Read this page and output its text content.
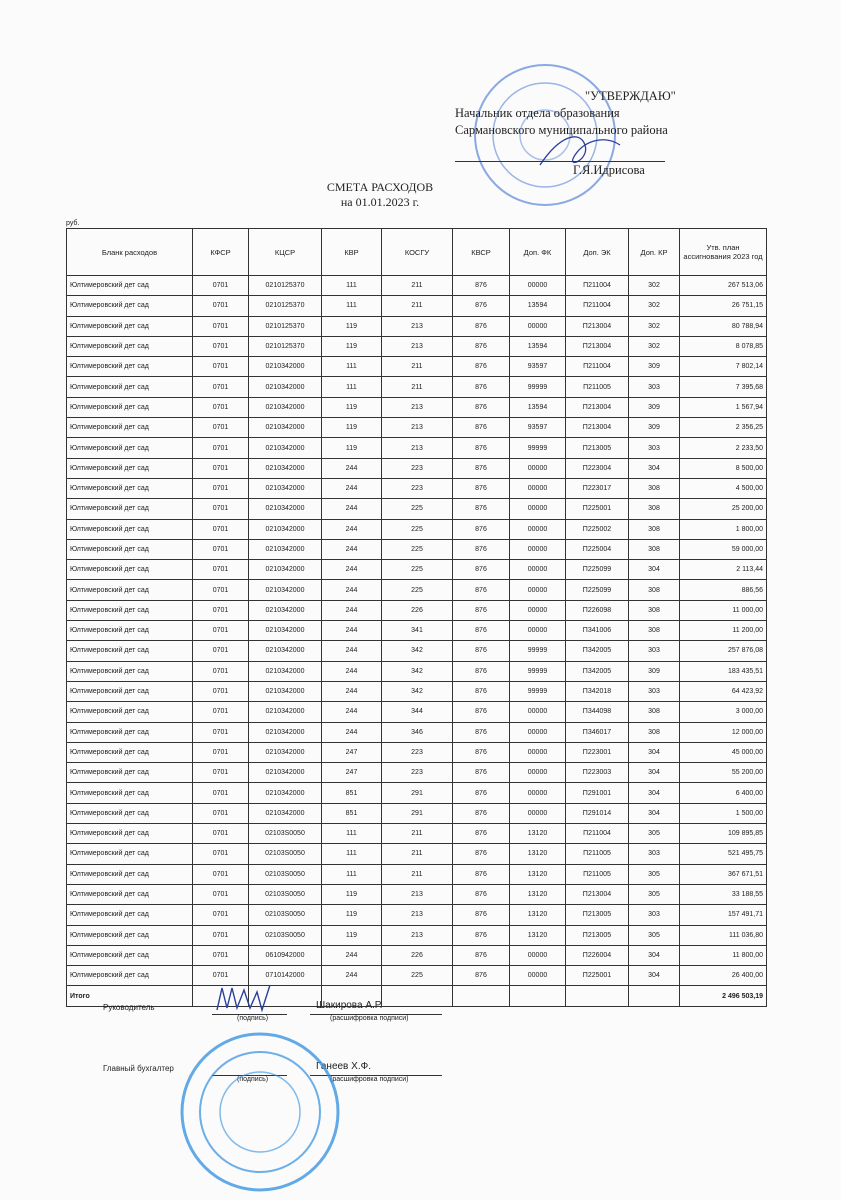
"УТВЕРЖДАЮ"
Начальник отдела образования
Сармановского муниципального района
Г.Я.Идрисова
СМЕТА РАСХОДОВ
на 01.01.2023 г.
руб.
Бланк расходов	КФСР	КЦСР	КВР	КОСГУ	КВСР	Доп. ФК	Доп. ЭК	Доп. КР	Утв. план ассигнования 2023 год
Юлтимеровский дет сад	0701	0210125370	111	211	876	00000	П211004	302	267 513,06
Юлтимеровский дет сад	0701	0210125370	111	211	876	13594	П211004	302	26 751,15
Юлтимеровский дет сад	0701	0210125370	119	213	876	00000	П213004	302	80 788,94
Юлтимеровский дет сад	0701	0210125370	119	213	876	13594	П213004	302	8 078,85
Юлтимеровский дет сад	0701	0210342000	111	211	876	93597	П211004	309	7 802,14
Юлтимеровский дет сад	0701	0210342000	111	211	876	99999	П211005	303	7 395,68
Юлтимеровский дет сад	0701	0210342000	119	213	876	13594	П213004	309	1 567,94
Юлтимеровский дет сад	0701	0210342000	119	213	876	93597	П213004	309	2 356,25
Юлтимеровский дет сад	0701	0210342000	119	213	876	99999	П213005	303	2 233,50
Юлтимеровский дет сад	0701	0210342000	244	223	876	00000	П223004	304	8 500,00
Юлтимеровский дет сад	0701	0210342000	244	223	876	00000	П223017	308	4 500,00
Юлтимеровский дет сад	0701	0210342000	244	225	876	00000	П225001	308	25 200,00
Юлтимеровский дет сад	0701	0210342000	244	225	876	00000	П225002	308	1 800,00
Юлтимеровский дет сад	0701	0210342000	244	225	876	00000	П225004	308	59 000,00
Юлтимеровский дет сад	0701	0210342000	244	225	876	00000	П225099	304	2 113,44
Юлтимеровский дет сад	0701	0210342000	244	225	876	00000	П225099	308	886,56
Юлтимеровский дет сад	0701	0210342000	244	226	876	00000	П226098	308	11 000,00
Юлтимеровский дет сад	0701	0210342000	244	341	876	00000	П341006	308	11 200,00
Юлтимеровский дет сад	0701	0210342000	244	342	876	99999	П342005	303	257 876,08
Юлтимеровский дет сад	0701	0210342000	244	342	876	99999	П342005	309	183 435,51
Юлтимеровский дет сад	0701	0210342000	244	342	876	99999	П342018	303	64 423,92
Юлтимеровский дет сад	0701	0210342000	244	344	876	00000	П344098	308	3 000,00
Юлтимеровский дет сад	0701	0210342000	244	346	876	00000	П346017	308	12 000,00
Юлтимеровский дет сад	0701	0210342000	247	223	876	00000	П223001	304	45 000,00
Юлтимеровский дет сад	0701	0210342000	247	223	876	00000	П223003	304	55 200,00
Юлтимеровский дет сад	0701	0210342000	851	291	876	00000	П291001	304	6 400,00
Юлтимеровский дет сад	0701	0210342000	851	291	876	00000	П291014	304	1 500,00
Юлтимеровский дет сад	0701	02103S0050	111	211	876	13120	П211004	305	109 895,85
Юлтимеровский дет сад	0701	02103S0050	111	211	876	13120	П211005	303	521 495,75
Юлтимеровский дет сад	0701	02103S0050	111	211	876	13120	П211005	305	367 671,51
Юлтимеровский дет сад	0701	02103S0050	119	213	876	13120	П213004	305	33 188,55
Юлтимеровский дет сад	0701	02103S0050	119	213	876	13120	П213005	303	157 491,71
Юлтимеровский дет сад	0701	02103S0050	119	213	876	13120	П213005	305	111 036,80
Юлтимеровский дет сад	0701	0610942000	244	226	876	00000	П226004	304	11 800,00
Юлтимеровский дет сад	0701	0710142000	244	225	876	00000	П225001	304	26 400,00
Итого									2 496 503,19
Руководитель	Шакирова А.Р.
(подпись)	(расшифровка подписи)
Главный бухгалтер	Ганеев Х.Ф.
(подпись)	(расшифровка подписи)
